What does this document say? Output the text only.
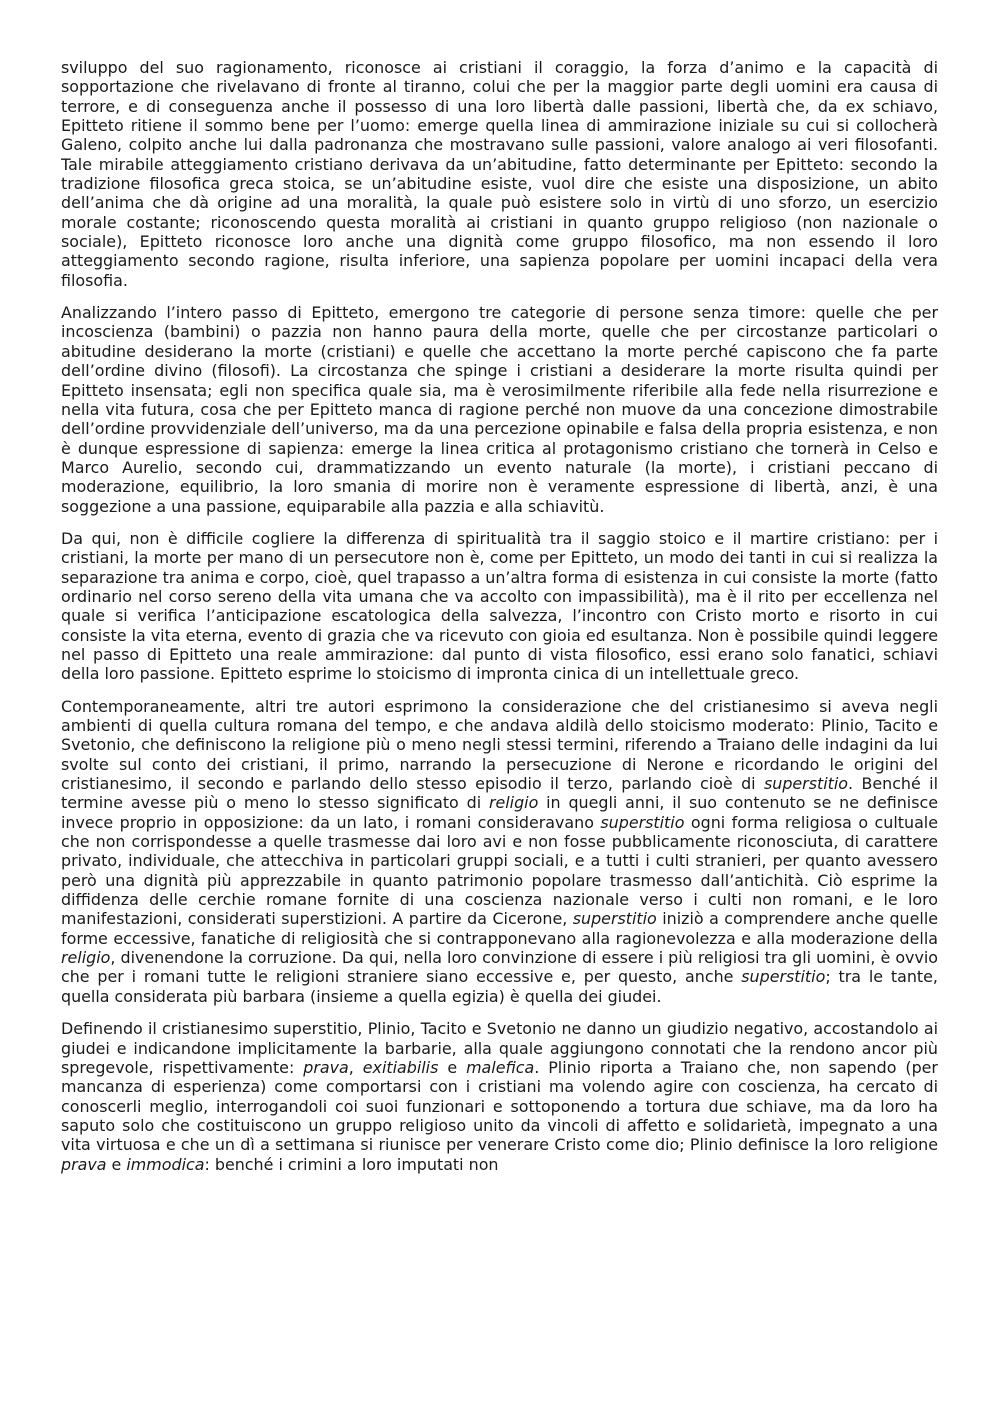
sviluppo del suo ragionamento, riconosce ai cristiani il coraggio, la forza d’animo e la capacità di sopportazione che rivelavano di fronte al tiranno, colui che per la maggior parte degli uomini era causa di terrore, e di conseguenza anche il possesso di una loro libertà dalle passioni, libertà che, da ex schiavo, Epitteto ritiene il sommo bene per l’uomo: emerge quella linea di ammirazione iniziale su cui si collocherà Galeno, colpito anche lui dalla padronanza che mostravano sulle passioni, valore analogo ai veri filosofanti. Tale mirabile atteggiamento cristiano derivava da un’abitudine, fatto determinante per Epitteto: secondo la tradizione filosofica greca stoica, se un’abitudine esiste, vuol dire che esiste una disposizione, un abito dell’anima che dà origine ad una moralità, la quale può esistere solo in virtù di uno sforzo, un esercizio morale costante; riconoscendo questa moralità ai cristiani in quanto gruppo religioso (non nazionale o sociale), Epitteto riconosce loro anche una dignità come gruppo filosofico, ma non essendo il loro atteggiamento secondo ragione, risulta inferiore, una sapienza popolare per uomini incapaci della vera filosofia.

Analizzando l’intero passo di Epitteto, emergono tre categorie di persone senza timore: quelle che per incoscienza (bambini) o pazzia non hanno paura della morte, quelle che per circostanze particolari o abitudine desiderano la morte (cristiani) e quelle che accettano la morte perché capiscono che fa parte dell’ordine divino (filosofi). La circostanza che spinge i cristiani a desiderare la morte risulta quindi per Epitteto insensata; egli non specifica quale sia, ma è verosimilmente riferibile alla fede nella risurrezione e nella vita futura, cosa che per Epitteto manca di ragione perché non muove da una concezione dimostrabile dell’ordine provvidenziale dell’universo, ma da una percezione opinabile e falsa della propria esistenza, e non è dunque espressione di sapienza: emerge la linea critica al protagonismo cristiano che tornerà in Celso e Marco Aurelio, secondo cui, drammatizzando un evento naturale (la morte), i cristiani peccano di moderazione, equilibrio, la loro smania di morire non è veramente espressione di libertà, anzi, è una soggezione a una passione, equiparabile alla pazzia e alla schiavitù.

Da qui, non è difficile cogliere la differenza di spiritualità tra il saggio stoico e il martire cristiano: per i cristiani, la morte per mano di un persecutore non è, come per Epitteto, un modo dei tanti in cui si realizza la separazione tra anima e corpo, cioè, quel trapasso a un’altra forma di esistenza in cui consiste la morte (fatto ordinario nel corso sereno della vita umana che va accolto con impassibilità), ma è il rito per eccellenza nel quale si verifica l’anticipazione escatologica della salvezza, l’incontro con Cristo morto e risorto in cui consiste la vita eterna, evento di grazia che va ricevuto con gioia ed esultanza. Non è possibile quindi leggere nel passo di Epitteto una reale ammirazione: dal punto di vista filosofico, essi erano solo fanatici, schiavi della loro passione. Epitteto esprime lo stoicismo di impronta cinica di un intellettuale greco.

Contemporaneamente, altri tre autori esprimono la considerazione che del cristianesimo si aveva negli ambienti di quella cultura romana del tempo, e che andava aldilà dello stoicismo moderato: Plinio, Tacito e Svetonio, che definiscono la religione più o meno negli stessi termini, riferendo a Traiano delle indagini da lui svolte sul conto dei cristiani, il primo, narrando la persecuzione di Nerone e ricordando le origini del cristianesimo, il secondo e parlando dello stesso episodio il terzo, parlando cioè di superstitio. Benché il termine avesse più o meno lo stesso significato di religio in quegli anni, il suo contenuto se ne definisce invece proprio in opposizione: da un lato, i romani consideravano superstitio ogni forma religiosa o cultuale che non corrispondesse a quelle trasmesse dai loro avi e non fosse pubblicamente riconosciuta, di carattere privato, individuale, che attecchiva in particolari gruppi sociali, e a tutti i culti stranieri, per quanto avessero però una dignità più apprezzabile in quanto patrimonio popolare trasmesso dall’antichità. Ciò esprime la diffidenza delle cerchie romane fornite di una coscienza nazionale verso i culti non romani, e le loro manifestazioni, considerati superstizioni. A partire da Cicerone, superstitio iniziò a comprendere anche quelle forme eccessive, fanatiche di religiosità che si contrapponevano alla ragionevolezza e alla moderazione della religio, divenendone la corruzione. Da qui, nella loro convinzione di essere i più religiosi tra gli uomini, è ovvio che per i romani tutte le religioni straniere siano eccessive e, per questo, anche superstitio; tra le tante, quella considerata più barbara (insieme a quella egizia) è quella dei giudei.

Definendo il cristianesimo superstitio, Plinio, Tacito e Svetonio ne danno un giudizio negativo, accostandolo ai giudei e indicandone implicitamente la barbarie, alla quale aggiungono connotati che la rendono ancor più spregevole, rispettivamente: prava, exitiabilis e malefica. Plinio riporta a Traiano che, non sapendo (per mancanza di esperienza) come comportarsi con i cristiani ma volendo agire con coscienza, ha cercato di conoscerli meglio, interrogandoli coi suoi funzionari e sottoponendo a tortura due schiave, ma da loro ha saputo solo che costituiscono un gruppo religioso unito da vincoli di affetto e solidarietà, impegnato a una vita virtuosa e che un dì a settimana si riunisce per venerare Cristo come dio; Plinio definisce la loro religione prava e immodica: benché i crimini a loro imputati non
